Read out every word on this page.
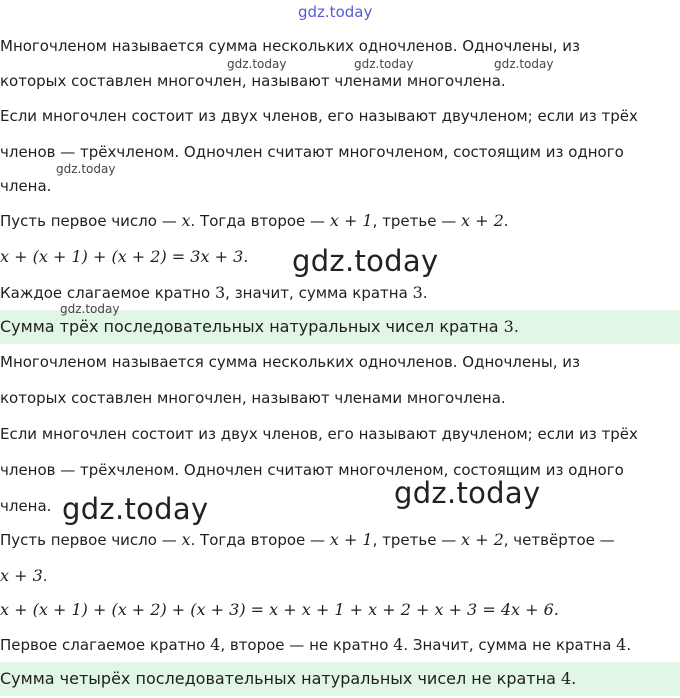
gdz.today
gdz.today	gdz.today	gdz.today
gdz.today
gdz.today
gdz.today
gdz.today
gdz.today
Многочленом называется сумма нескольких одночленов. Одночлены, из
которых составлен многочлен, называют членами многочлена.
Если многочлен состоит из двух членов, его называют двучленом; если из трёх
членов — трёхчленом. Одночлен считают многочленом, состоящим из одного
члена.
Пусть первое число — x. Тогда второе — x + 1, третье — x + 2.
x + (x + 1) + (x + 2) = 3x + 3.
Каждое слагаемое кратно 3, значит, сумма кратна 3.
Сумма трёх последовательных натуральных чисел кратна 3.
Многочленом называется сумма нескольких одночленов. Одночлены, из
которых составлен многочлен, называют членами многочлена.
Если многочлен состоит из двух членов, его называют двучленом; если из трёх
членов — трёхчленом. Одночлен считают многочленом, состоящим из одного
члена.
Пусть первое число — x. Тогда второе — x + 1, третье — x + 2, четвёртое —
x + 3.
x + (x + 1) + (x + 2) + (x + 3) = x + x + 1 + x + 2 + x + 3 = 4x + 6.
Первое слагаемое кратно 4, второе — не кратно 4. Значит, сумма не кратна 4.
Сумма четырёх последовательных натуральных чисел не кратна 4.
